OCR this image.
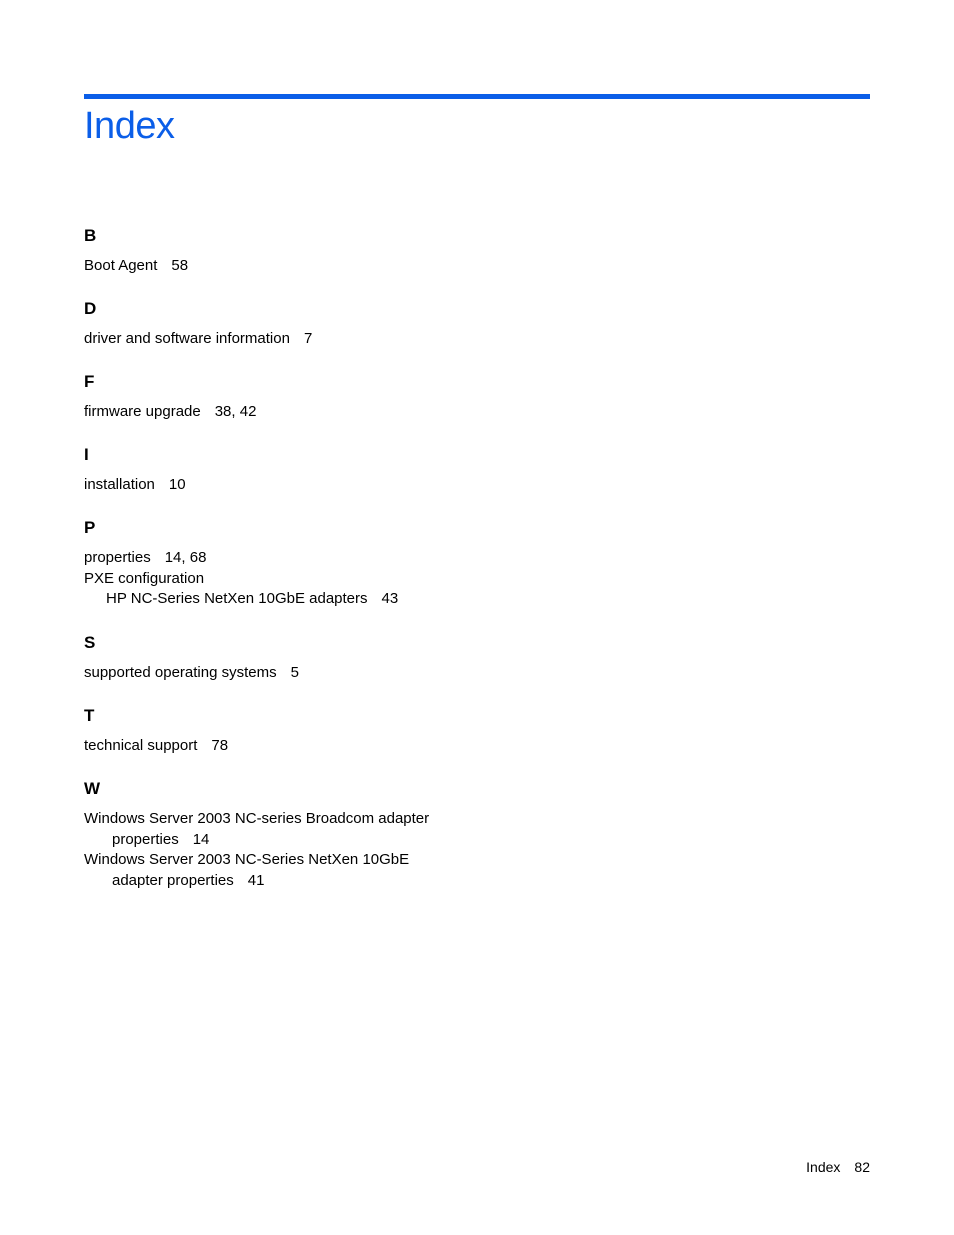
Index
B
Boot Agent 58
D
driver and software information 7
F
firmware upgrade 38, 42
I
installation 10
P
properties 14, 68
PXE configuration
HP NC-Series NetXen 10GbE adapters 43
S
supported operating systems 5
T
technical support 78
W
Windows Server 2003 NC-series Broadcom adapter
properties 14
Windows Server 2003 NC-Series NetXen 10GbE
adapter properties 41
Index 82
